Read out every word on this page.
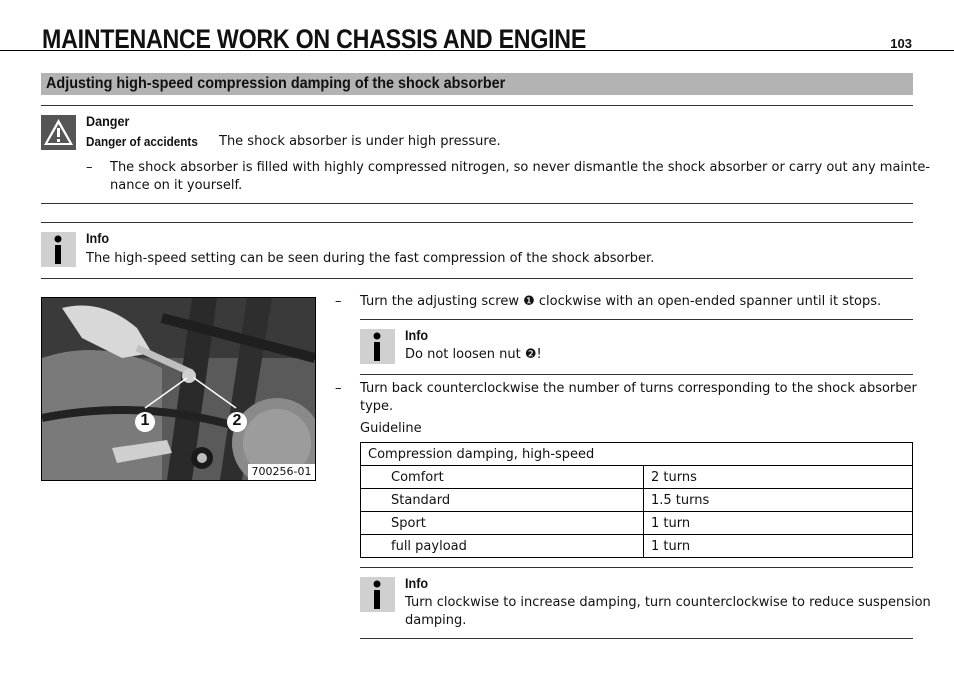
MAINTENANCE WORK ON CHASSIS AND ENGINE	103
Adjusting high-speed compression damping of the shock absorber
Danger
Danger of accidents The shock absorber is under high pressure.
– The shock absorber is filled with highly compressed nitrogen, so never dismantle the shock absorber or carry out any mainte-
nance on it yourself.
Info
The high-speed setting can be seen during the fast compression of the shock absorber.
1	2
700256-01
– Turn the adjusting screw ❶ clockwise with an open-ended spanner until it stops.
Info
Do not loosen nut ❷!
– Turn back counterclockwise the number of turns corresponding to the shock absorber
type.
Guideline
Compression damping, high-speed	
Comfort	2 turns
Standard	1.5 turns
Sport	1 turn
full payload	1 turn
Info
Turn clockwise to increase damping, turn counterclockwise to reduce suspension
damping.
